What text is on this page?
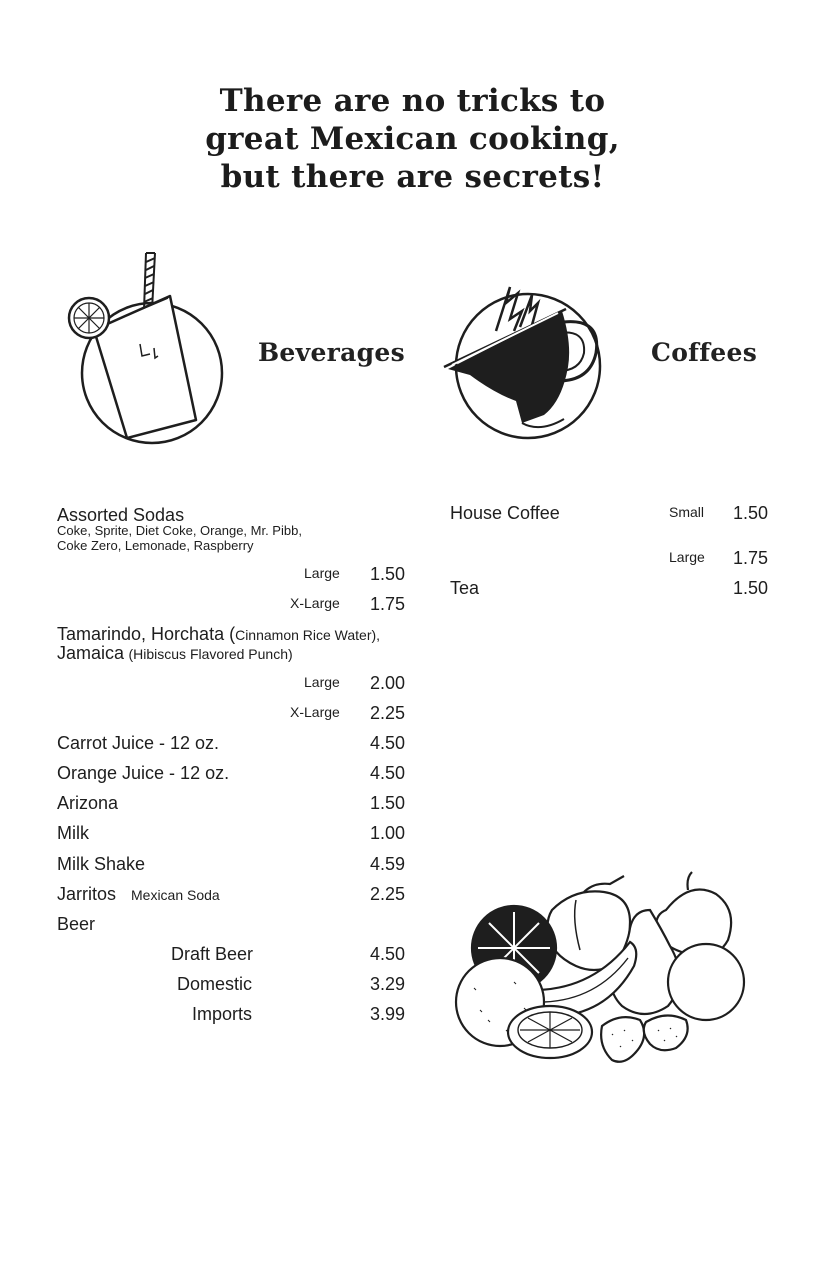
There are no tricks to
great Mexican cooking,
but there are secrets!
Beverages	Coffees
Assorted Sodas
Coke, Sprite, Diet Coke, Orange, Mr. Pibb,
Coke Zero, Lemonade, Raspberry
Large	1.50
X-Large	1.75
Tamarindo, Horchata (Cinnamon Rice Water),
Jamaica (Hibiscus Flavored Punch)
Large	2.00
X-Large	2.25
Carrot Juice - 12 oz.	4.50
Orange Juice - 12 oz.	4.50
Arizona	1.50
Milk	1.00
Milk Shake	4.59
Jarritos Mexican Soda	2.25
Beer
Draft Beer	4.50
Domestic	3.29
Imports	3.99
House Coffee	Small	1.50
Large	1.75
Tea	1.50
